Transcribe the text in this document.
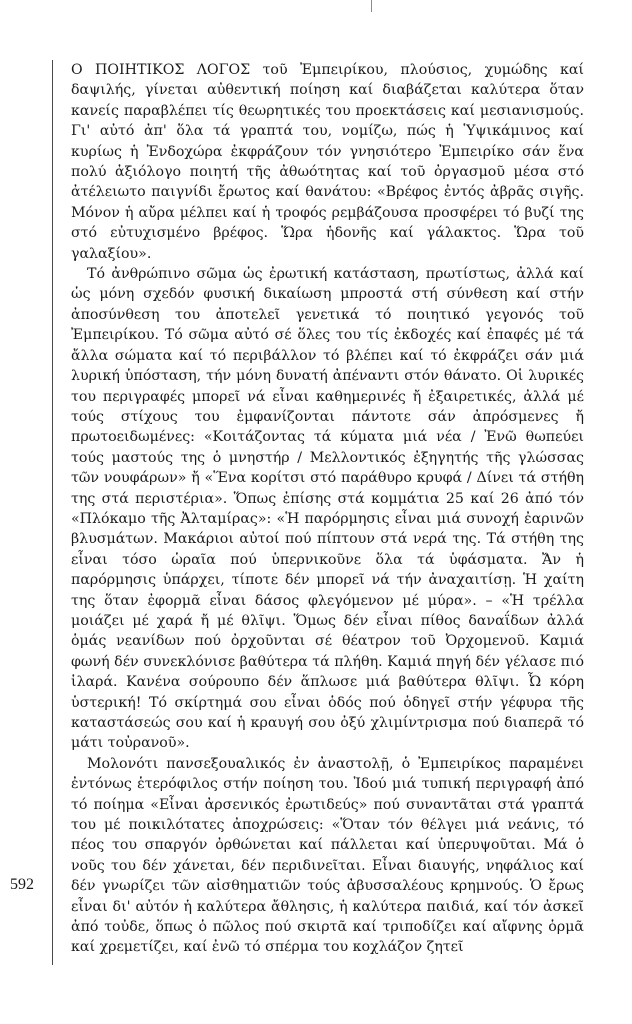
Ο ΠΟΙΗΤΙΚΟΣ ΛΟΓΟΣ τοῦ Ἐμπειρίκου, πλούσιος, χυμώδης καί δαψιλής, γίνεται αὐθεντική ποίηση καί διαβάζεται καλύτερα ὅταν κανείς παραβλέπει τίς θεωρητικές του προεκτάσεις καί μεσιανισμούς. Γι' αὐτό ἀπ' ὅλα τά γραπτά του, νομίζω, πώς ἡ Ὑψικάμινος καί κυρίως ἡ Ἐνδοχώρα ἐκφράζουν τόν γνησιότερο Ἐμπειρίκο σάν ἕνα πολύ ἀξιόλογο ποιητή τῆς ἀθωότητας καί τοῦ ὀργασμοῦ μέσα στό ἀτέλειωτο παιγνίδι ἔρωτος καί θανάτου: «Βρέφος ἐντός ἀβρᾶς σιγῆς. Μόνον ἡ αὔρα μέλπει καί ἡ τροφός ρεμβάζουσα προσφέρει τό βυζί της στό εὐτυχισμένο βρέφος. Ὥρα ἡδονῆς καί γάλακτος. Ὥρα τοῦ γαλαξίου».

Τό ἀνθρώπινο σῶμα ὡς ἐρωτική κατάσταση, πρωτίστως, ἀλλά καί ὡς μόνη σχεδόν φυσική δικαίωση μπροστά στή σύνθεση καί στήν ἀποσύνθεση του ἀποτελεῖ γενετικά τό ποιητικό γεγονός τοῦ Ἐμπειρίκου. Τό σῶμα αὐτό σέ ὅλες του τίς ἐκδοχές καί ἐπαφές μέ τά ἄλλα σώματα καί τό περιβάλλον τό βλέπει καί τό ἐκφράζει σάν μιά λυρική ὑπόσταση, τήν μόνη δυνατή ἀπέναντι στόν θάνατο. Οἱ λυρικές του περιγραφές μπορεῖ νά εἶναι καθημερινές ἤ ἐξαιρετικές, ἀλλά μέ τούς στίχους του ἐμφανίζονται πάντοτε σάν ἀπρόσμενες ἤ πρωτοειδωμένες: «Κοιτάζοντας τά κύματα μιά νέα / Ἐνῶ θωπεύει τούς μαστούς της ὁ μνηστήρ / Μελλοντικός ἐξηγητής τῆς γλώσσας τῶν νουφάρων» ἤ «Ἕνα κορίτσι στό παράθυρο κρυφά / Δίνει τά στήθη της στά περιστέρια». Ὅπως ἐπίσης στά κομμάτια 25 καί 26 ἀπό τόν «Πλόκαμο τῆς Ἀλταμίρας»: «Ἡ παρόρμησις εἶναι μιά συνοχή ἐαρινῶν βλυσμάτων. Μακάριοι αὐτοί πού πίπτουν στά νερά της. Τά στήθη της εἶναι τόσο ὡραῖα πού ὑπερνικοῦνε ὅλα τά ὑφάσματα. Ἄν ἡ παρόρμησις ὑπάρχει, τίποτε δέν μπορεῖ νά τήν ἀναχαιτίσῃ. Ἡ χαίτη της ὅταν ἐφορμᾶ εἶναι δάσος φλεγόμενον μέ μύρα». – «Ἡ τρέλλα μοιάζει μέ χαρά ἤ μέ θλῖψι. Ὅμως δέν εἶναι πίθος δαναΐδων ἀλλά ὁμάς νεανίδων πού ὀρχοῦνται σέ θέατρον τοῦ Ὀρχομενοῦ. Καμιά φωνή δέν συνεκλόνισε βαθύτερα τά πλήθη. Καμιά πηγή δέν γέλασε πιό ἱλαρά. Κανένα σούρουπο δέν ἅπλωσε μιά βαθύτερα θλῖψι. Ὦ κόρη ὑστερική! Τό σκίρτημά σου εἶναι ὁδός πού ὁδηγεῖ στήν γέφυρα τῆς καταστάσεώς σου καί ἡ κραυγή σου ὀξύ χλιμίντρισμα πού διαπερᾶ τό μάτι τοὐρανοῦ».

Μολονότι πανσεξουαλικός ἐν ἀναστολῇ, ὁ Ἐμπειρίκος παραμένει ἐντόνως ἑτερόφιλος στήν ποίηση του. Ἰδού μιά τυπική περιγραφή ἀπό τό ποίημα «Εἶναι ἀρσενικός ἐρωτιδεύς» πού συναντᾶται στά γραπτά του μέ ποικιλότατες ἀποχρώσεις: «Ὅταν τόν θέλγει μιά νεάνις, τό πέος του σπαργόν ὀρθώνεται καί πάλλεται καί ὑπερυψοῦται. Μά ὁ νοῦς του δέν χάνεται, δέν περιδινεῖται. Εἶναι διαυγής, νηφάλιος καί δέν γνωρίζει τῶν αἰσθηματιῶν τούς ἀβυσσαλέους κρημνούς. Ὁ ἔρως εἶναι δι' αὐτόν ἡ καλύτερα ἄθλησις, ἡ καλύτερα παιδιά, καί τόν ἀσκεῖ ἀπό τοὐδε, ὅπως ὁ πῶλος πού σκιρτᾶ καί τριποδίζει καί αἴφνης ὁρμᾶ καί χρεμετίζει, καί ἐνῶ τό σπέρμα του κοχλάζον ζητεῖ

592
